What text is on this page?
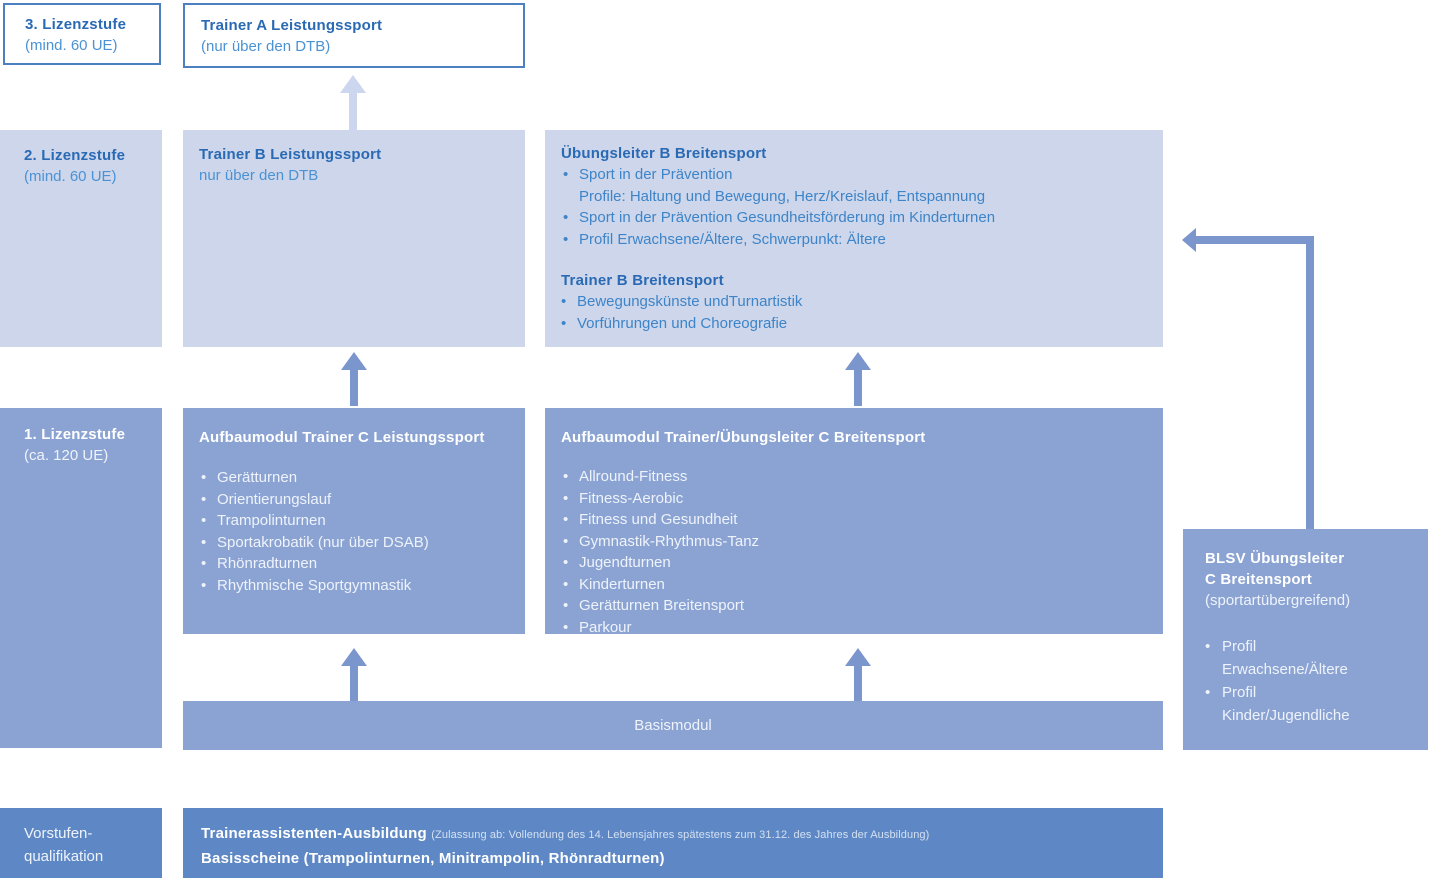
3. Lizenzstufe
(mind. 60 UE)
Trainer A Leistungssport
(nur über den DTB)
2. Lizenzstufe
(mind. 60 UE)
Trainer B Leistungssport
nur über den DTB
Übungsleiter B Breitensport
• Sport in der Prävention
Profile: Haltung und Bewegung, Herz/Kreislauf, Entspannung
• Sport in der Prävention Gesundheitsförderung im Kinderturnen
• Profil Erwachsene/Ältere, Schwerpunkt: Ältere
Trainer B Breitensport
• Bewegungskünste undTurnartistik
• Vorführungen und Choreografie
1. Lizenzstufe
(ca. 120 UE)
Aufbaumodul Trainer C Leistungssport
• Gerätturnen
• Orientierungslauf
• Trampolinturnen
• Sportakrobatik (nur über DSAB)
• Rhönradturnen
• Rhythmische Sportgymnastik
Aufbaumodul Trainer/Übungsleiter C Breitensport
• Allround-Fitness
• Fitness-Aerobic
• Fitness und Gesundheit
• Gymnastik-Rhythmus-Tanz
• Jugendturnen
• Kinderturnen
• Gerätturnen Breitensport
• Parkour
Basismodul
BLSV Übungsleiter
C Breitensport
(sportartübergreifend)
• Profil
Erwachsene/Ältere
• Profil
Kinder/Jugendliche
Vorstufen-
qualifikation
Trainerassistenten-Ausbildung (Zulassung ab: Vollendung des 14. Lebensjahres spätestens zum 31.12. des Jahres der Ausbildung)
Basisscheine (Trampolinturnen, Minitrampolin, Rhönradturnen)
